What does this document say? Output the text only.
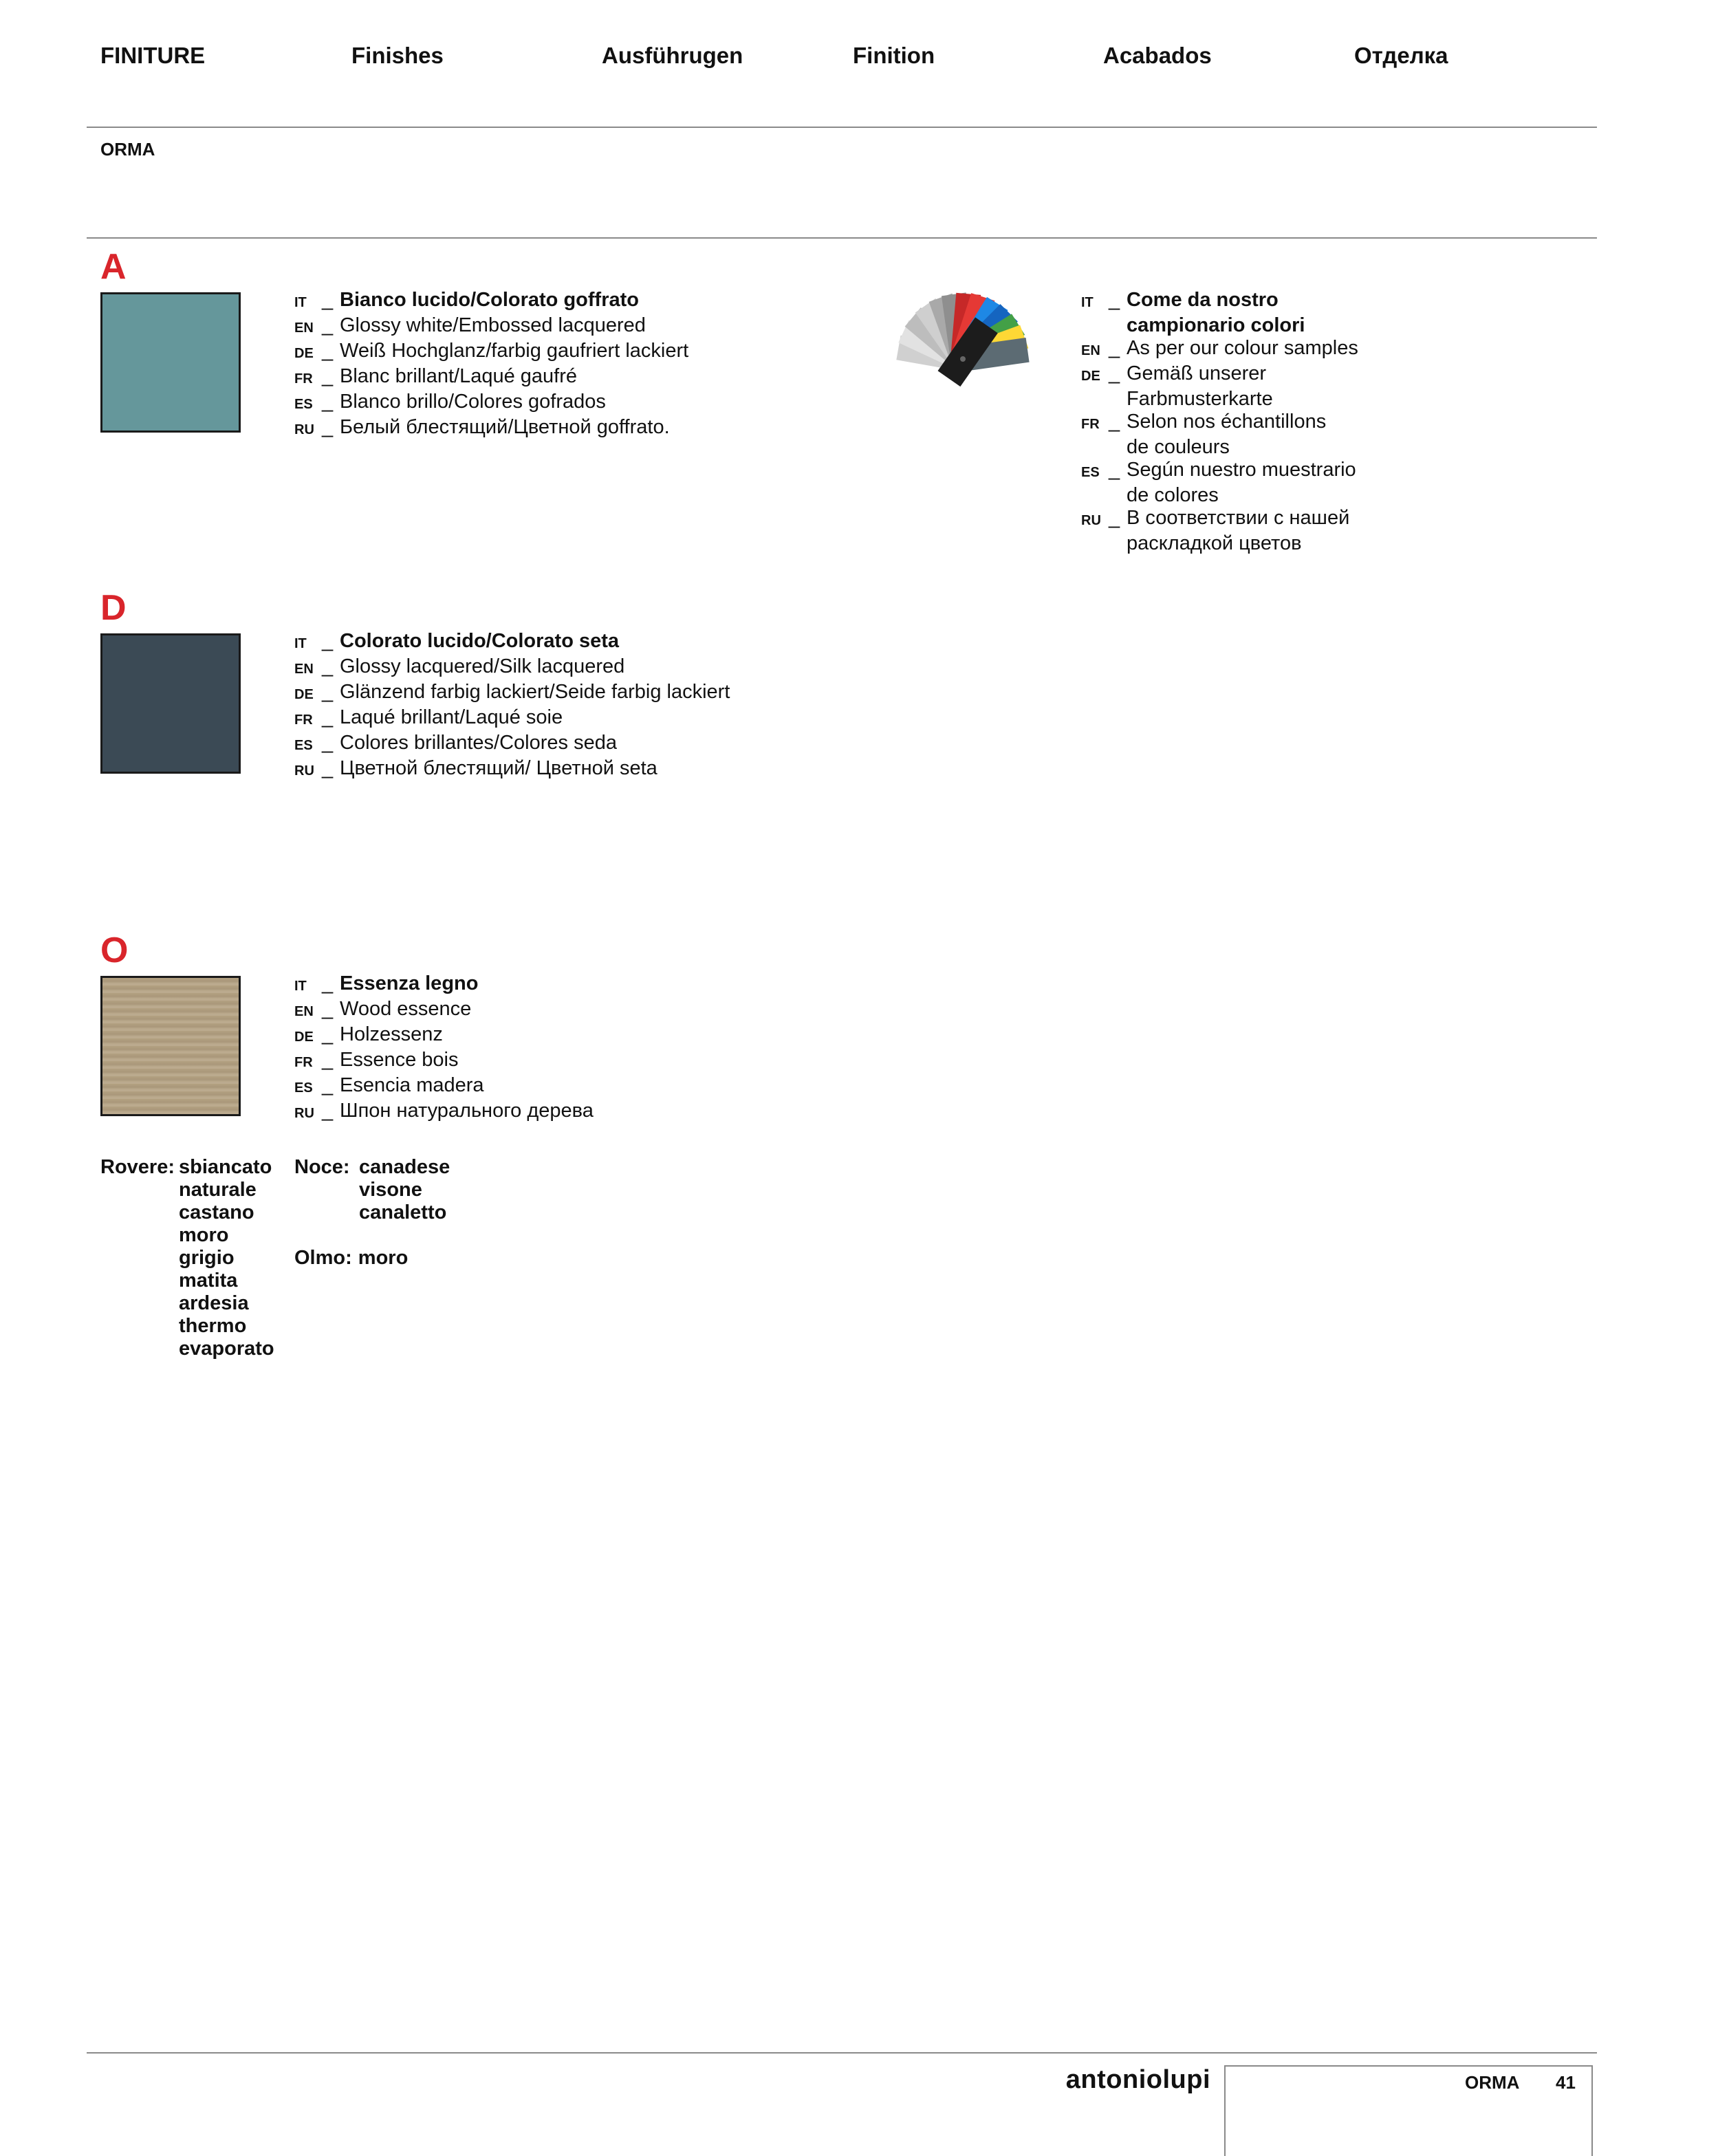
FINITURE	Finishes	Ausführugen	Finition	Acabados	Отделка
ORMA
A
IT _ Bianco lucido/Colorato goffrato
EN _ Glossy white/Embossed lacquered
DE _ Weiß Hochglanz/farbig gaufriert lackiert
FR _ Blanc brillant/Laqué gaufré
ES _ Blanco brillo/Colores gofrados
RU _ Белый блестящий/Цветной goffrato.
IT _ Come da nostro
campionario colori
EN _ As per our colour samples
DE _ Gemäß unserer
Farbmusterkarte
FR _ Selon nos échantillons
de couleurs
ES _ Según nuestro muestrario
de colores
RU _ В соответствии с нашей
раскладкой цветов
D
IT _ Colorato lucido/Colorato seta
EN _ Glossy lacquered/Silk lacquered
DE _ Glänzend farbig lackiert/Seide farbig lackiert
FR _ Laqué brillant/Laqué soie
ES _ Colores brillantes/Colores seda
RU _ Цветной блестящий/ Цветной seta
O
IT _ Essenza legno
EN _ Wood essence
DE _ Holzessenz
FR _ Essence bois
ES _ Esencia madera
RU _ Шпон натурального дерева
Rovere: sbiancato
naturale
castano
moro
grigio
matita
ardesia
thermo
evaporato
Noce: canadese
visone
canaletto
Olmo: moro
antoniolupi	ORMA 41
